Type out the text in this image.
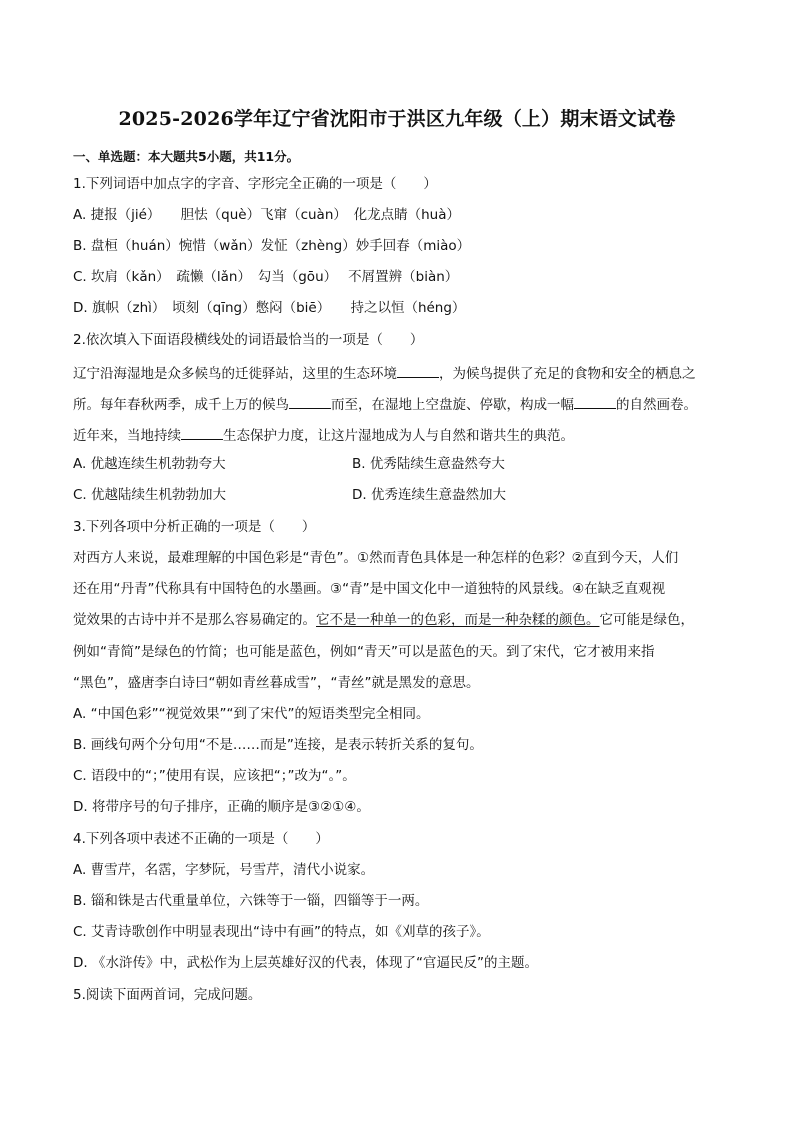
2025-2026学年辽宁省沈阳市于洪区九年级（上）期末语文试卷
一、单选题：本大题共5小题，共11分。
1.下列词语中加点字的字音、字形完全正确的一项是（　　）
A. 捷报（jié）　　胆怯（què）飞窜（cuàn）　化龙点睛（huà）
B. 盘桓（huán）惋惜（wǎn）发怔（zhèng）妙手回春（miào）
C. 坎肩（kǎn）　疏懒（lǎn）　勾当（gōu）　 不屑置辨（biàn）
D. 旗帜（zhì）　顷刻（qīng）憋闷（biē）　　持之以恒（héng）
2.依次填入下面语段横线处的词语最恰当的一项是（　　）
辽宁沿海湿地是众多候鸟的迁徙驿站，这里的生态环境	，为候鸟提供了充足的食物和安全的栖息之
所。每年春秋两季，成千上万的候鸟	而至，在湿地上空盘旋、停歇，构成一幅	的自然画卷。
近年来，当地持续	生态保护力度，让这片湿地成为人与自然和谐共生的典范。
A. 优越连续生机勃勃夸大	B. 优秀陆续生意盎然夸大
C. 优越陆续生机勃勃加大	D. 优秀连续生意盎然加大
3.下列各项中分析正确的一项是（　　）
对西方人来说，最难理解的中国色彩是“青色”。①然而青色具体是一种怎样的色彩？②直到今天，人们
还在用“丹青”代称具有中国特色的水墨画。③“青”是中国文化中一道独特的风景线。④在缺乏直观视
觉效果的古诗中并不是那么容易确定的。它不是一种单一的色彩，而是一种杂糅的颜色。它可能是绿色，
例如“青简”是绿色的竹简；也可能是蓝色，例如“青天”可以是蓝色的天。到了宋代，它才被用来指
“黑色”，盛唐李白诗曰“朝如青丝暮成雪”，“青丝”就是黑发的意思。
A. “中国色彩”“视觉效果”“到了宋代”的短语类型完全相同。
B. 画线句两个分句用“不是……而是”连接，是表示转折关系的复句。
C. 语段中的“；”使用有误，应该把“；”改为“。”。
D. 将带序号的句子排序，正确的顺序是③②①④。
4.下列各项中表述不正确的一项是（　　）
A. 曹雪芹，名霑，字梦阮，号雪芹，清代小说家。
B. 锱和铢是古代重量单位，六铢等于一锱，四锱等于一两。
C. 艾青诗歌创作中明显表现出“诗中有画”的特点，如《刈草的孩子》。
D. 《水浒传》中，武松作为上层英雄好汉的代表，体现了“官逼民反”的主题。
5.阅读下面两首词，完成问题。
